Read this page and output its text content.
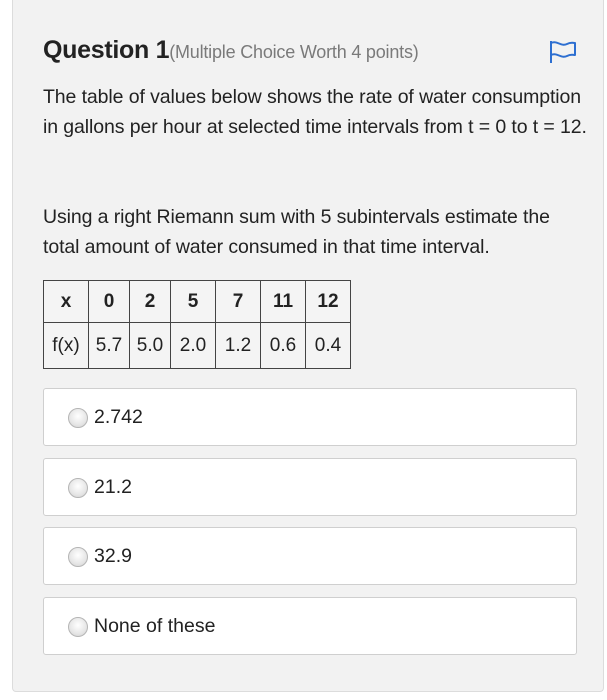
Question 1(Multiple Choice Worth 4 points)
The table of values below shows the rate of water consumption in gallons per hour at selected time intervals from t = 0 to t = 12.
Using a right Riemann sum with 5 subintervals estimate the total amount of water consumed in that time interval.
x	0	2	5	7	11	12
f(x)	5.7	5.0	2.0	1.2	0.6	0.4
2.742
21.2
32.9
None of these
